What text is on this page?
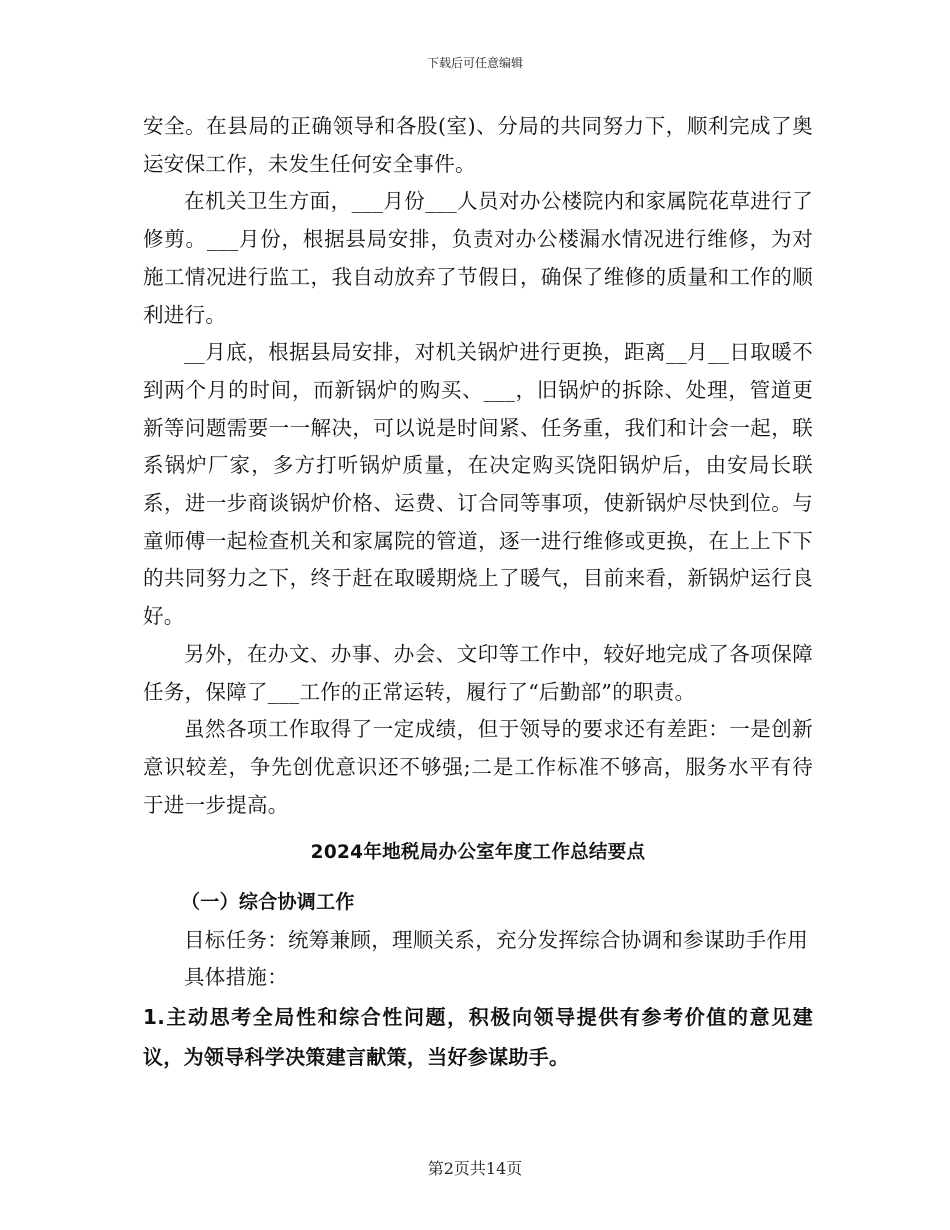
下载后可任意编辑

安全。在县局的正确领导和各股(室)、分局的共同努力下，顺利完成了奥运安保工作，未发生任何安全事件。

在机关卫生方面，___月份___人员对办公楼院内和家属院花草进行了修剪。___月份，根据县局安排，负责对办公楼漏水情况进行维修，为对施工情况进行监工，我自动放弃了节假日，确保了维修的质量和工作的顺利进行。

__月底，根据县局安排，对机关锅炉进行更换，距离__月__日取暖不到两个月的时间，而新锅炉的购买、___，旧锅炉的拆除、处理，管道更新等问题需要一一解决，可以说是时间紧、任务重，我们和计会一起，联系锅炉厂家，多方打听锅炉质量，在决定购买饶阳锅炉后，由安局长联系，进一步商谈锅炉价格、运费、订合同等事项，使新锅炉尽快到位。与童师傅一起检查机关和家属院的管道，逐一进行维修或更换，在上上下下的共同努力之下，终于赶在取暖期烧上了暖气，目前来看，新锅炉运行良好。

另外，在办文、办事、办会、文印等工作中，较好地完成了各项保障任务，保障了___工作的正常运转，履行了“后勤部”的职责。

虽然各项工作取得了一定成绩，但于领导的要求还有差距：一是创新意识较差，争先创优意识还不够强;二是工作标准不够高，服务水平有待于进一步提高。

2024年地税局办公室年度工作总结要点

（一）综合协调工作

目标任务：统筹兼顾，理顺关系，充分发挥综合协调和参谋助手作用

具体措施：

1.主动思考全局性和综合性问题，积极向领导提供有参考价值的意见建议，为领导科学决策建言献策，当好参谋助手。

第2页共14页
